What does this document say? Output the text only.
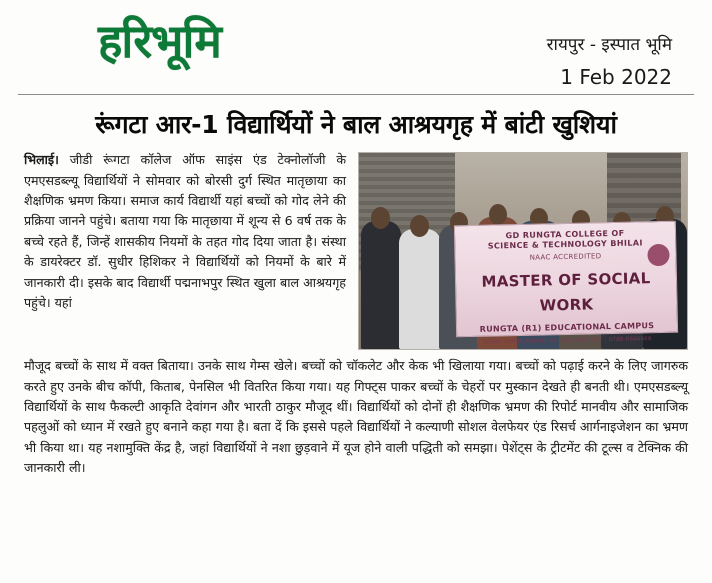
हरिभूमि	रायपुर - इस्पात भूमि
1 Feb 2022
रूंगटा आर-1 विद्यार्थियों ने बाल आश्रयगृह में बांटी खुशियां
GD RUNGTA COLLEGE OF
SCIENCE & TECHNOLOGY BHILAI
NAAC ACCREDITED
MASTER OF SOCIAL WORK
RUNGTA (R1) EDUCATIONAL CAMPUS
KOHKA ROAD, KURUD, BHILAI | CONTACT : 0788-6666666

भिलाई। जीडी रूंगटा कॉलेज ऑफ साइंस एंड टेक्नोलॉजी के एमएसडब्ल्यू विद्यार्थियों ने सोमवार को बोरसी दुर्ग स्थित मातृछाया का शैक्षणिक भ्रमण किया। समाज कार्य विद्यार्थी यहां बच्चों को गोद लेने की प्रक्रिया जानने पहुंचे। बताया गया कि मातृछाया में शून्य से 6 वर्ष तक के बच्चे रहते हैं, जिन्हें शासकीय नियमों के तहत गोद दिया जाता है। संस्था के डायरेक्टर डॉ. सुधीर हिशिकर ने विद्यार्थियों को नियमों के बारे में जानकारी दी। इसके बाद विद्यार्थी पद्मनाभपुर स्थित खुला बाल आश्रयगृह पहुंचे। यहां

मौजूद बच्चों के साथ में वक्त बिताया। उनके साथ गेम्स खेले। बच्चों को चॉकलेट और केक भी खिलाया गया। बच्चों को पढ़ाई करने के लिए जागरुक करते हुए उनके बीच कॉपी, किताब, पेनसिल भी वितरित किया गया। यह गिफ्ट्स पाकर बच्चों के चेहरों पर मुस्कान देखते ही बनती थी। एमएसडब्ल्यू विद्यार्थियों के साथ फैकल्टी आकृति देवांगन और भारती ठाकुर मौजूद थीं। विद्यार्थियों को दोनों ही शैक्षणिक भ्रमण की रिपोर्ट मानवीय और सामाजिक पहलुओं को ध्यान में रखते हुए बनाने कहा गया है। बता दें कि इससे पहले विद्यार्थियों ने कल्याणी सोशल वेलफेयर एंड रिसर्च आर्गनाइजेशन का भ्रमण भी किया था। यह नशामुक्ति केंद्र है, जहां विद्यार्थियों ने नशा छुड़वाने में यूज होने वाली पद्धिती को समझा। पेशेंट्स के ट्रीटमेंट की टूल्स व टेक्निक की जानकारी ली।
